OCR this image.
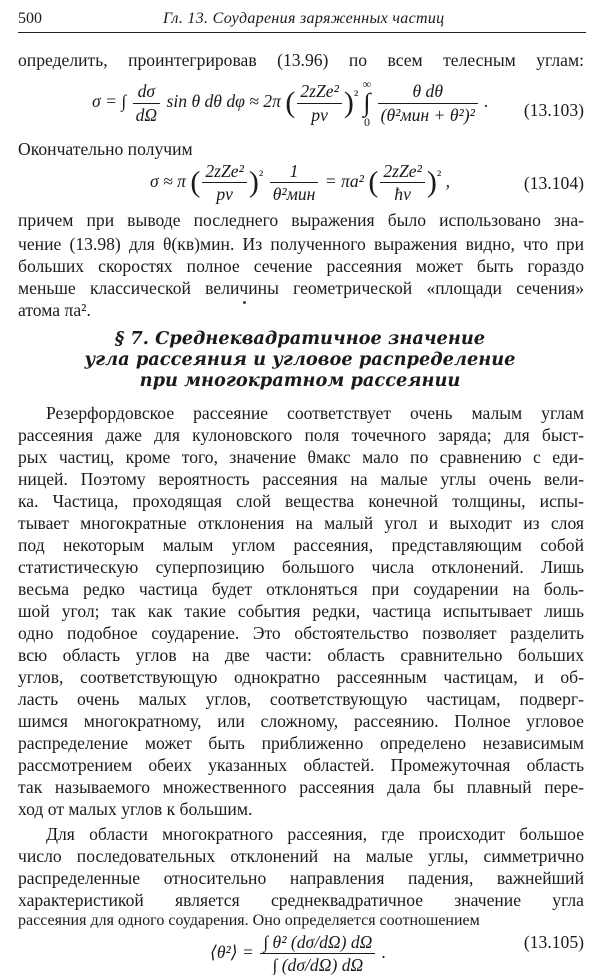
500	Гл. 13. Соударения заряженных частиц
определить, проинтегрировав (13.96) по всем телесным углам:
σ = ∫ $\frac{d\sigma}{d\Omega}$ sin θ dθ dφ ≈ 2π ( $\frac{\text{2zZe²}}{pv} )^{^2}$
∞
∫
0
$\frac{\text{θ dθ}}{\text{(θ²мин + θ²)²}}$ . (13.103)
Окончательно получим
σ ≈ π ( $\frac{\text{2zZe²}}{pv} )^{^2} \frac{1}{\text{θ²мин}} = \pi a^2$ ( $\frac{\text{2zZe²}}{ħv} )^{^2}$ ,	(13.104)
причем при выводе последнего выражения было использовано зна-
чение (13.98) для θ(кв)мин. Из полученного выражения видно, что при
больших скоростях полное сечение рассеяния может быть гораздо
меньше классической величины геометрической «площади сечения»
атома πa².
§ 7. Среднеквадратичное значение
угла рассеяния и угловое распределение
при многократном рассеянии
Резерфордовское рассеяние соответствует очень малым углам
рассеяния даже для кулоновского поля точечного заряда; для быст-
рых частиц, кроме того, значение θмакс мало по сравнению с еди-
ницей. Поэтому вероятность рассеяния на малые углы очень вели-
ка. Частица, проходящая слой вещества конечной толщины, испы-
тывает многократные отклонения на малый угол и выходит из слоя
под некоторым малым углом рассеяния, представляющим собой
статистическую суперпозицию большого числа отклонений. Лишь
весьма редко частица будет отклоняться при соударении на боль-
шой угол; так как такие события редки, частица испытывает лишь
одно подобное соударение. Это обстоятельство позволяет разделить
всю область углов на две части: область сравнительно больших
углов, соответствующую однократно рассеянным частицам, и об-
ласть очень малых углов, соответствующую частицам, подверг-
шимся многократному, или сложному, рассеянию. Полное угловое
распределение может быть приближенно определено независимым
рассмотрением обеих указанных областей. Промежуточная область
так называемого множественного рассеяния дала бы плавный пере-
ход от малых углов к большим.
Для области многократного рассеяния, где происходит большое
число последовательных отклонений на малые углы, симметрично
распределенные относительно направления падения, важнейший
характеристикой является среднеквадратичное значение угла
рассеяния для одного соударения. Оно определяется соотношением
⟨θ²⟩ = $\frac{\text{∫ θ² (dσ/dΩ) dΩ}}{\int (d\sigma/d\Omega) d\Omega}$ .	(13.105)
